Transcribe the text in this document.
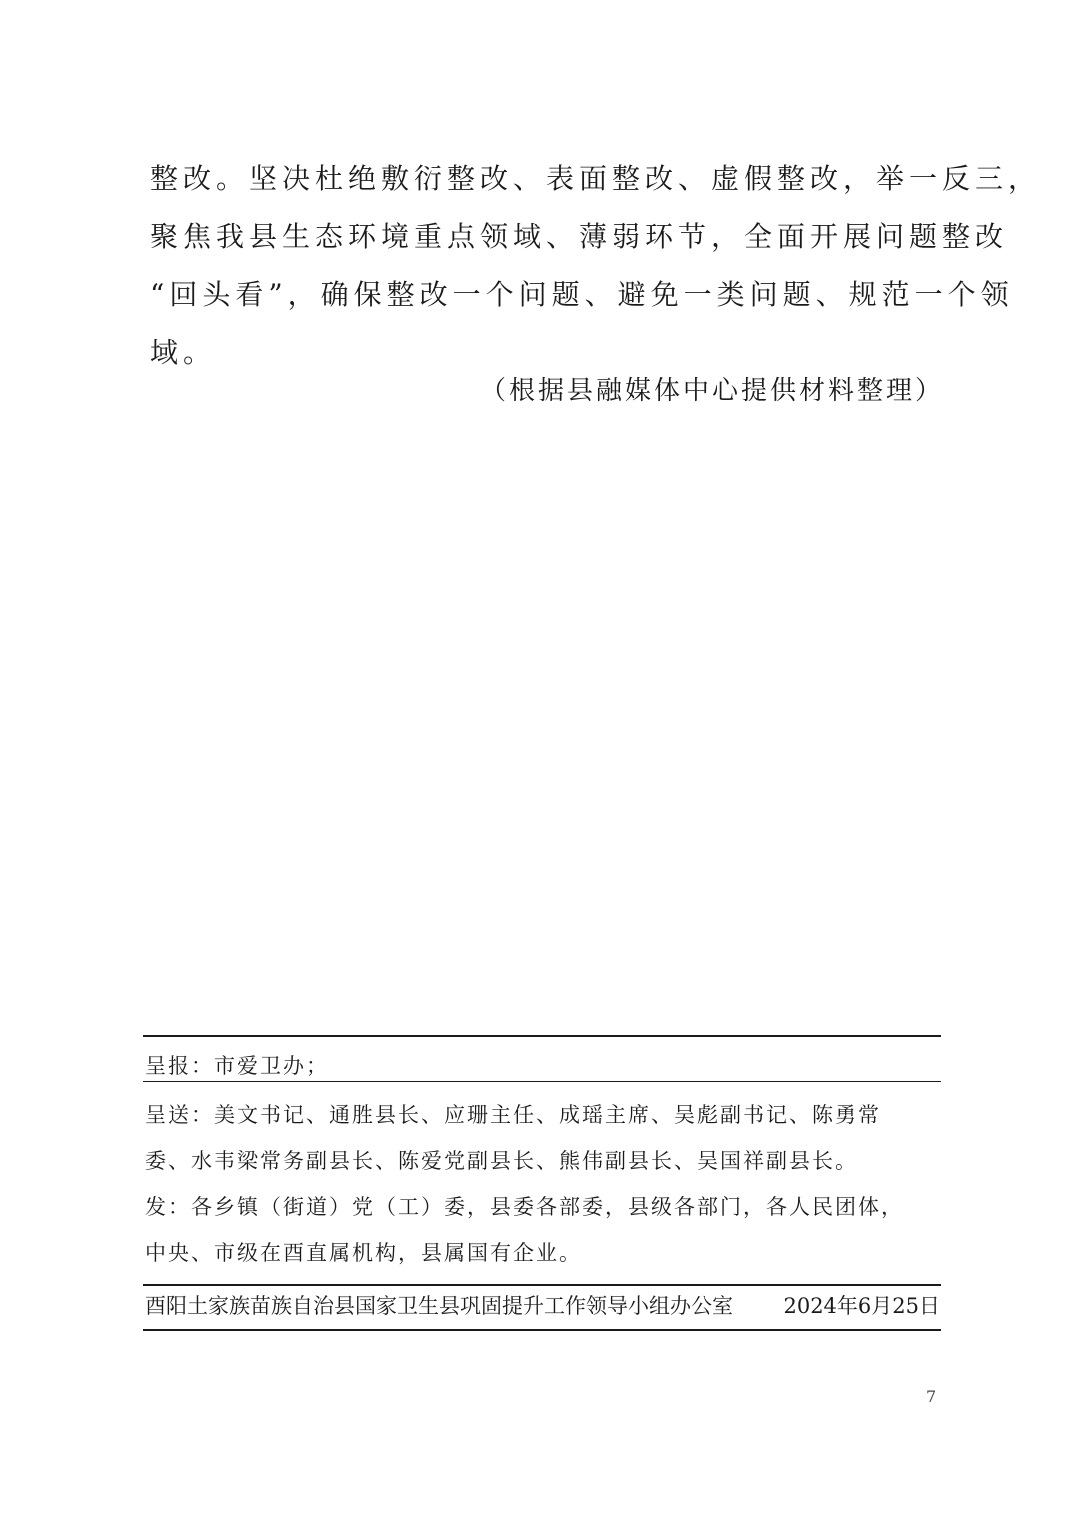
整改。坚决杜绝敷衍整改、表面整改、虚假整改，举一反三，
聚焦我县生态环境重点领域、薄弱环节，全面开展问题整改
“回头看”，确保整改一个问题、避免一类问题、规范一个领
域。

（根据县融媒体中心提供材料整理）

呈报：市爱卫办；

呈送：美文书记、通胜县长、应珊主任、成瑶主席、吴彪副书记、陈勇常
委、水韦梁常务副县长、陈爱党副县长、熊伟副县长、吴国祥副县长。
发：各乡镇（街道）党（工）委，县委各部委，县级各部门，各人民团体，
中央、市级在酉直属机构，县属国有企业。
酉阳土家族苗族自治县国家卫生县巩固提升工作领导小组办公室 2024年6月25日
7
